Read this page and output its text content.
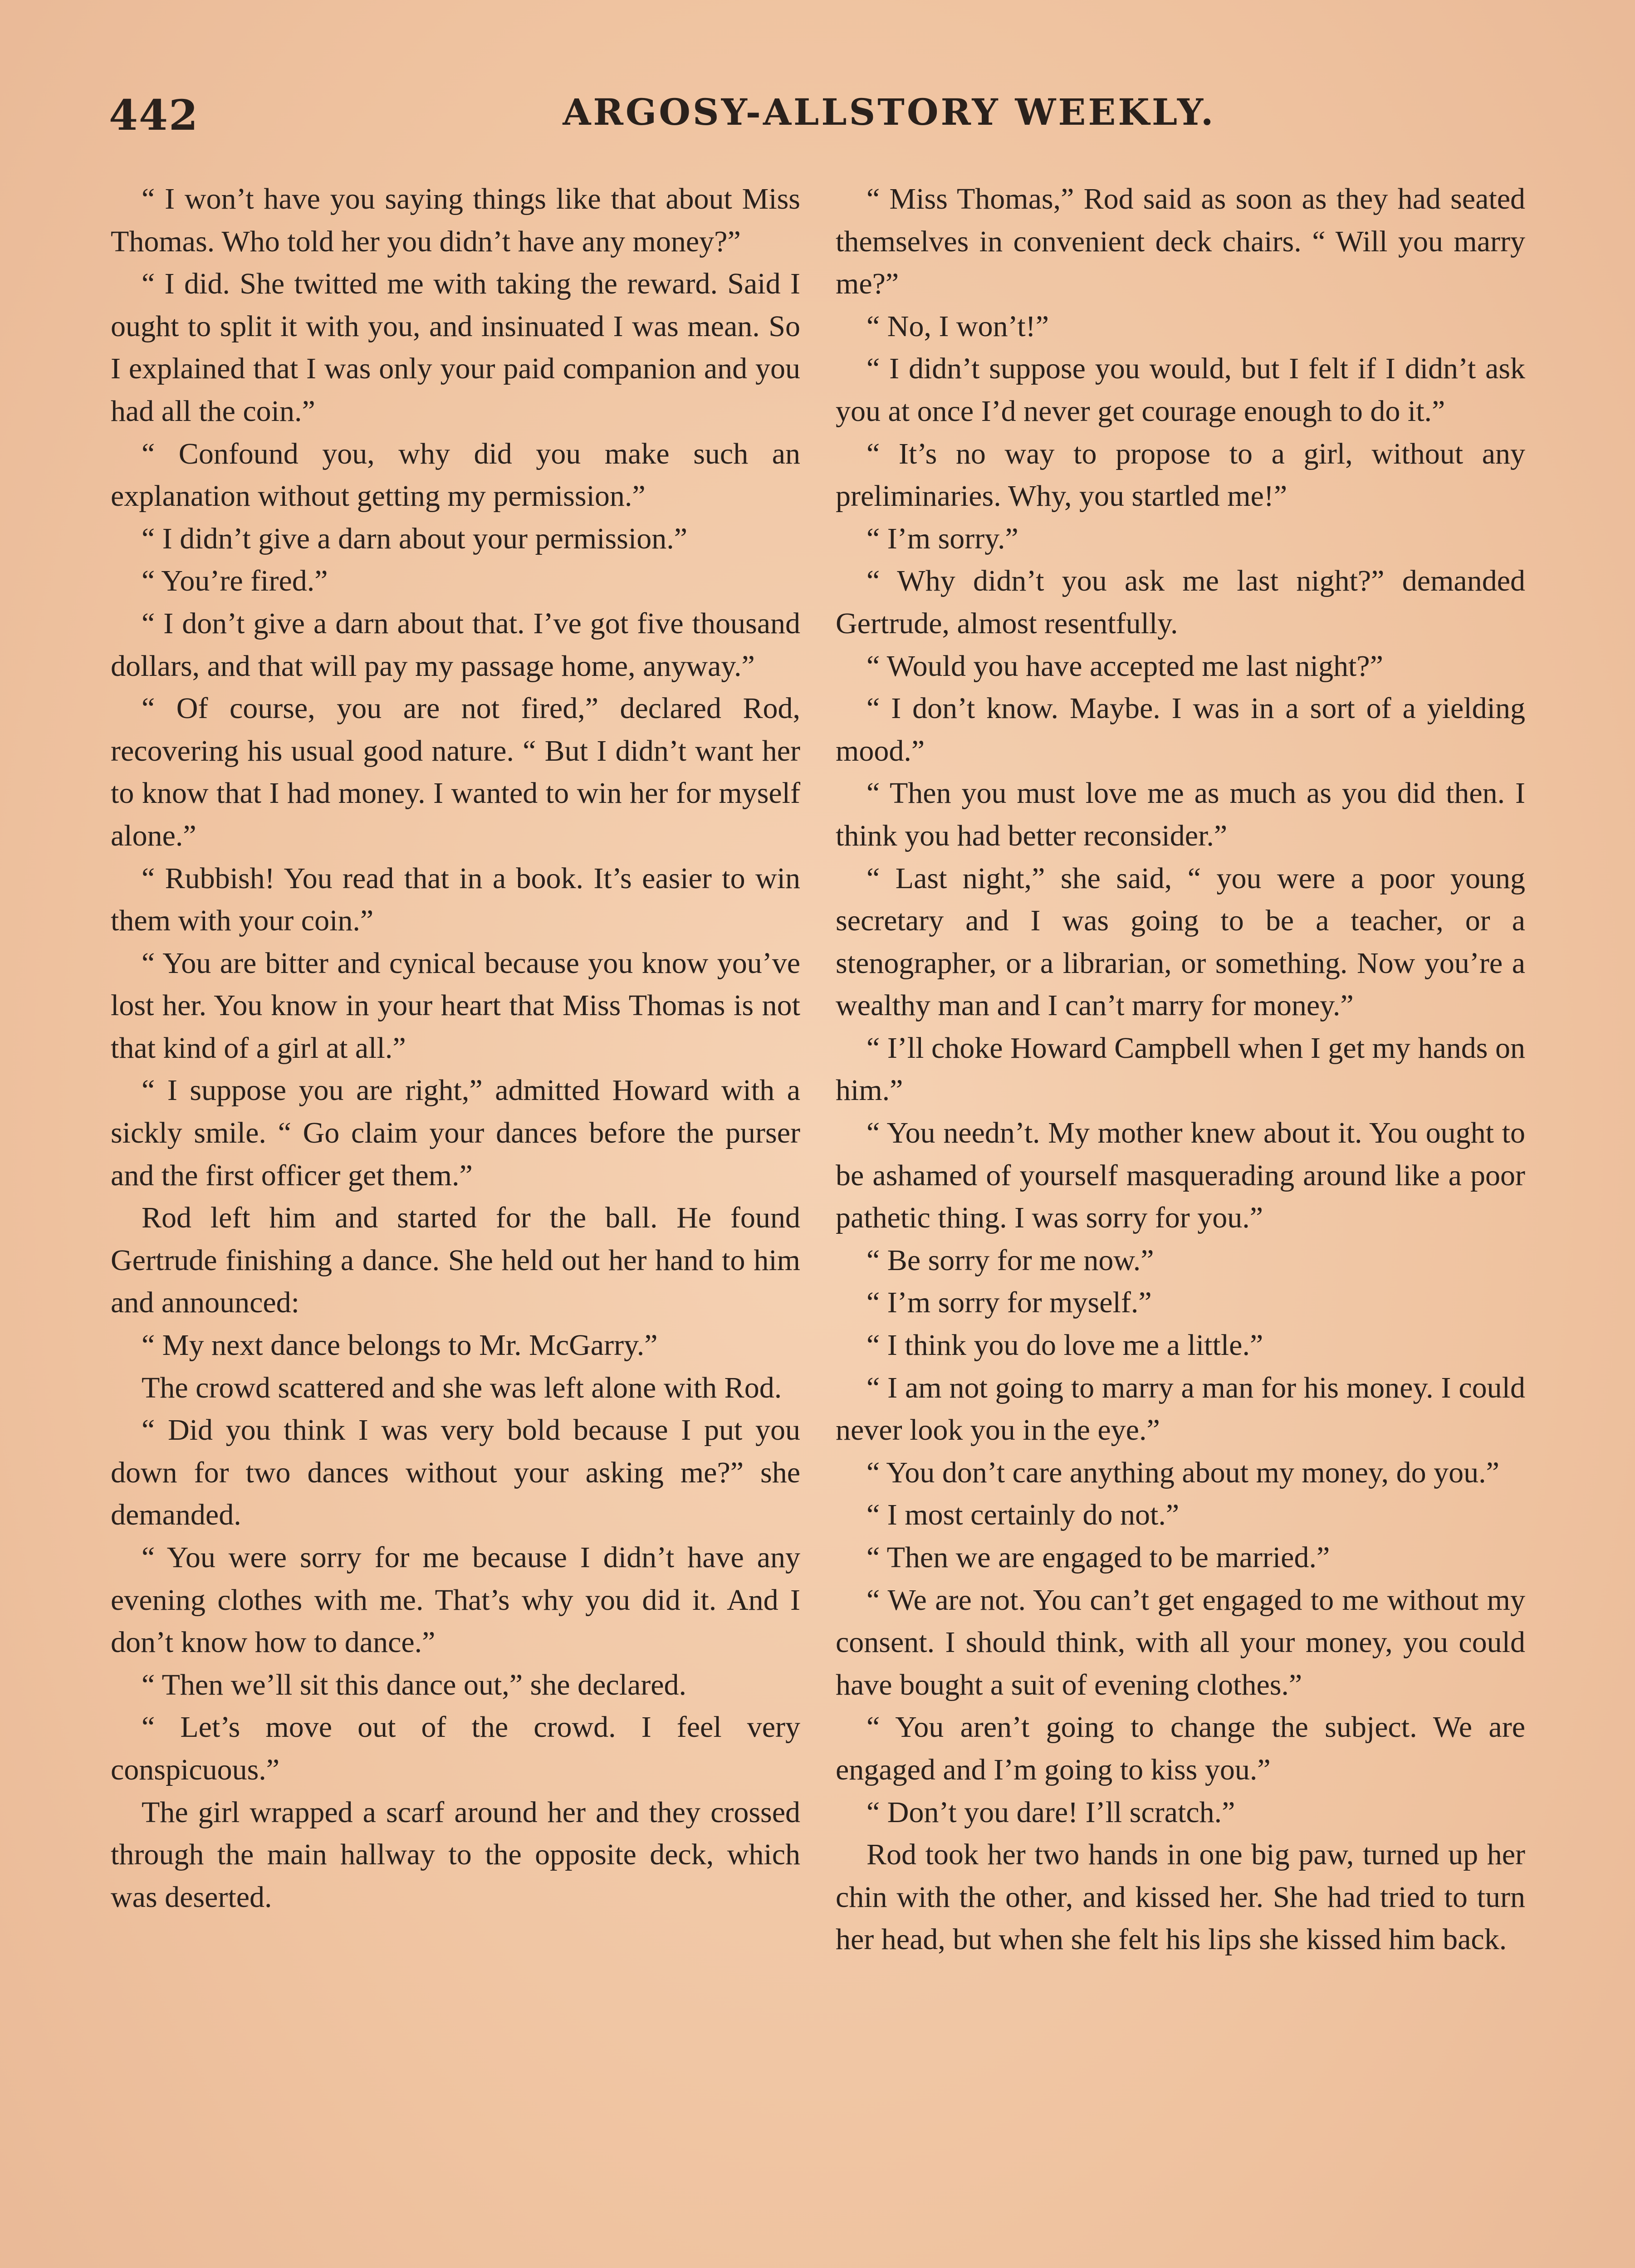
442	ARGOSY-ALLSTORY WEEKLY.

“ I won’t have you saying things like that about Miss Thomas. Who told her you didn’t have any money?”

“ I did. She twitted me with taking the reward. Said I ought to split it with you, and insinuated I was mean. So I explained that I was only your paid companion and you had all the coin.”

“ Confound you, why did you make such an explanation without getting my permission.”

“ I didn’t give a darn about your permission.”

“ You’re fired.”

“ I don’t give a darn about that. I’ve got five thousand dollars, and that will pay my passage home, anyway.”

“ Of course, you are not fired,” declared Rod, recovering his usual good nature. “ But I didn’t want her to know that I had money. I wanted to win her for myself alone.”

“ Rubbish! You read that in a book. It’s easier to win them with your coin.”

“ You are bitter and cynical because you know you’ve lost her. You know in your heart that Miss Thomas is not that kind of a girl at all.”

“ I suppose you are right,” admitted Howard with a sickly smile. “ Go claim your dances before the purser and the first officer get them.”

Rod left him and started for the ball. He found Gertrude finishing a dance. She held out her hand to him and announced:

“ My next dance belongs to Mr. McGarry.”

The crowd scattered and she was left alone with Rod.

“ Did you think I was very bold because I put you down for two dances without your asking me?” she demanded.

“ You were sorry for me because I didn’t have any evening clothes with me. That’s why you did it. And I don’t know how to dance.”

“ Then we’ll sit this dance out,” she declared.

“ Let’s move out of the crowd. I feel very conspicuous.”

The girl wrapped a scarf around her and they crossed through the main hallway to the opposite deck, which was deserted.

“ Miss Thomas,” Rod said as soon as they had seated themselves in convenient deck chairs. “ Will you marry me?”

“ No, I won’t!”

“ I didn’t suppose you would, but I felt if I didn’t ask you at once I’d never get courage enough to do it.”

“ It’s no way to propose to a girl, without any preliminaries. Why, you startled me!”

“ I’m sorry.”

“ Why didn’t you ask me last night?” demanded Gertrude, almost resentfully.

“ Would you have accepted me last night?”

“ I don’t know. Maybe. I was in a sort of a yielding mood.”

“ Then you must love me as much as you did then. I think you had better reconsider.”

“ Last night,” she said, “ you were a poor young secretary and I was going to be a teacher, or a stenographer, or a librarian, or something. Now you’re a wealthy man and I can’t marry for money.”

“ I’ll choke Howard Campbell when I get my hands on him.”

“ You needn’t. My mother knew about it. You ought to be ashamed of yourself masquerading around like a poor pathetic thing. I was sorry for you.”

“ Be sorry for me now.”

“ I’m sorry for myself.”

“ I think you do love me a little.”

“ I am not going to marry a man for his money. I could never look you in the eye.”

“ You don’t care anything about my money, do you.”

“ I most certainly do not.”

“ Then we are engaged to be married.”

“ We are not. You can’t get engaged to me without my consent. I should think, with all your money, you could have bought a suit of evening clothes.”

“ You aren’t going to change the subject. We are engaged and I’m going to kiss you.”

“ Don’t you dare! I’ll scratch.”

Rod took her two hands in one big paw, turned up her chin with the other, and kissed her. She had tried to turn her head, but when she felt his lips she kissed him back.
